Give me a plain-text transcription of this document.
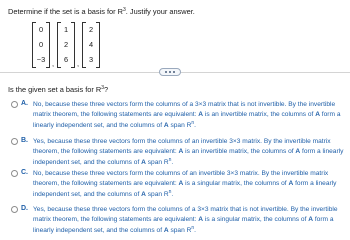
Determine if the set is a basis for $R^3$. Justify your answer.
0
0
−3 ,
1
2
6	,
2
4
3
Is the given set a basis for $R^3$?
A. No, because these three vectors form the columns of a 3×3 matrix that is not invertible. By the invertible matrix theorem, the following statements are equivalent: A is an invertible matrix, the columns of A form a linearly independent set, and the columns of A span $R^n$.
B. Yes, because these three vectors form the columns of an invertible 3×3 matrix. By the invertible matrix theorem, the following statements are equivalent: A is an invertible matrix, the columns of A form a linearly independent set, and the columns of A span $R^n$.
C. No, because these three vectors form the columns of an invertible 3×3 matrix. By the invertible matrix theorem, the following statements are equivalent: A is a singular matrix, the columns of A form a linearly independent set, and the columns of A span $R^n$.
D. Yes, because these three vectors form the columns of a 3×3 matrix that is not invertible. By the invertible matrix theorem, the following statements are equivalent: A is a singular matrix, the columns of A form a linearly independent set, and the columns of A span $R^n$.
